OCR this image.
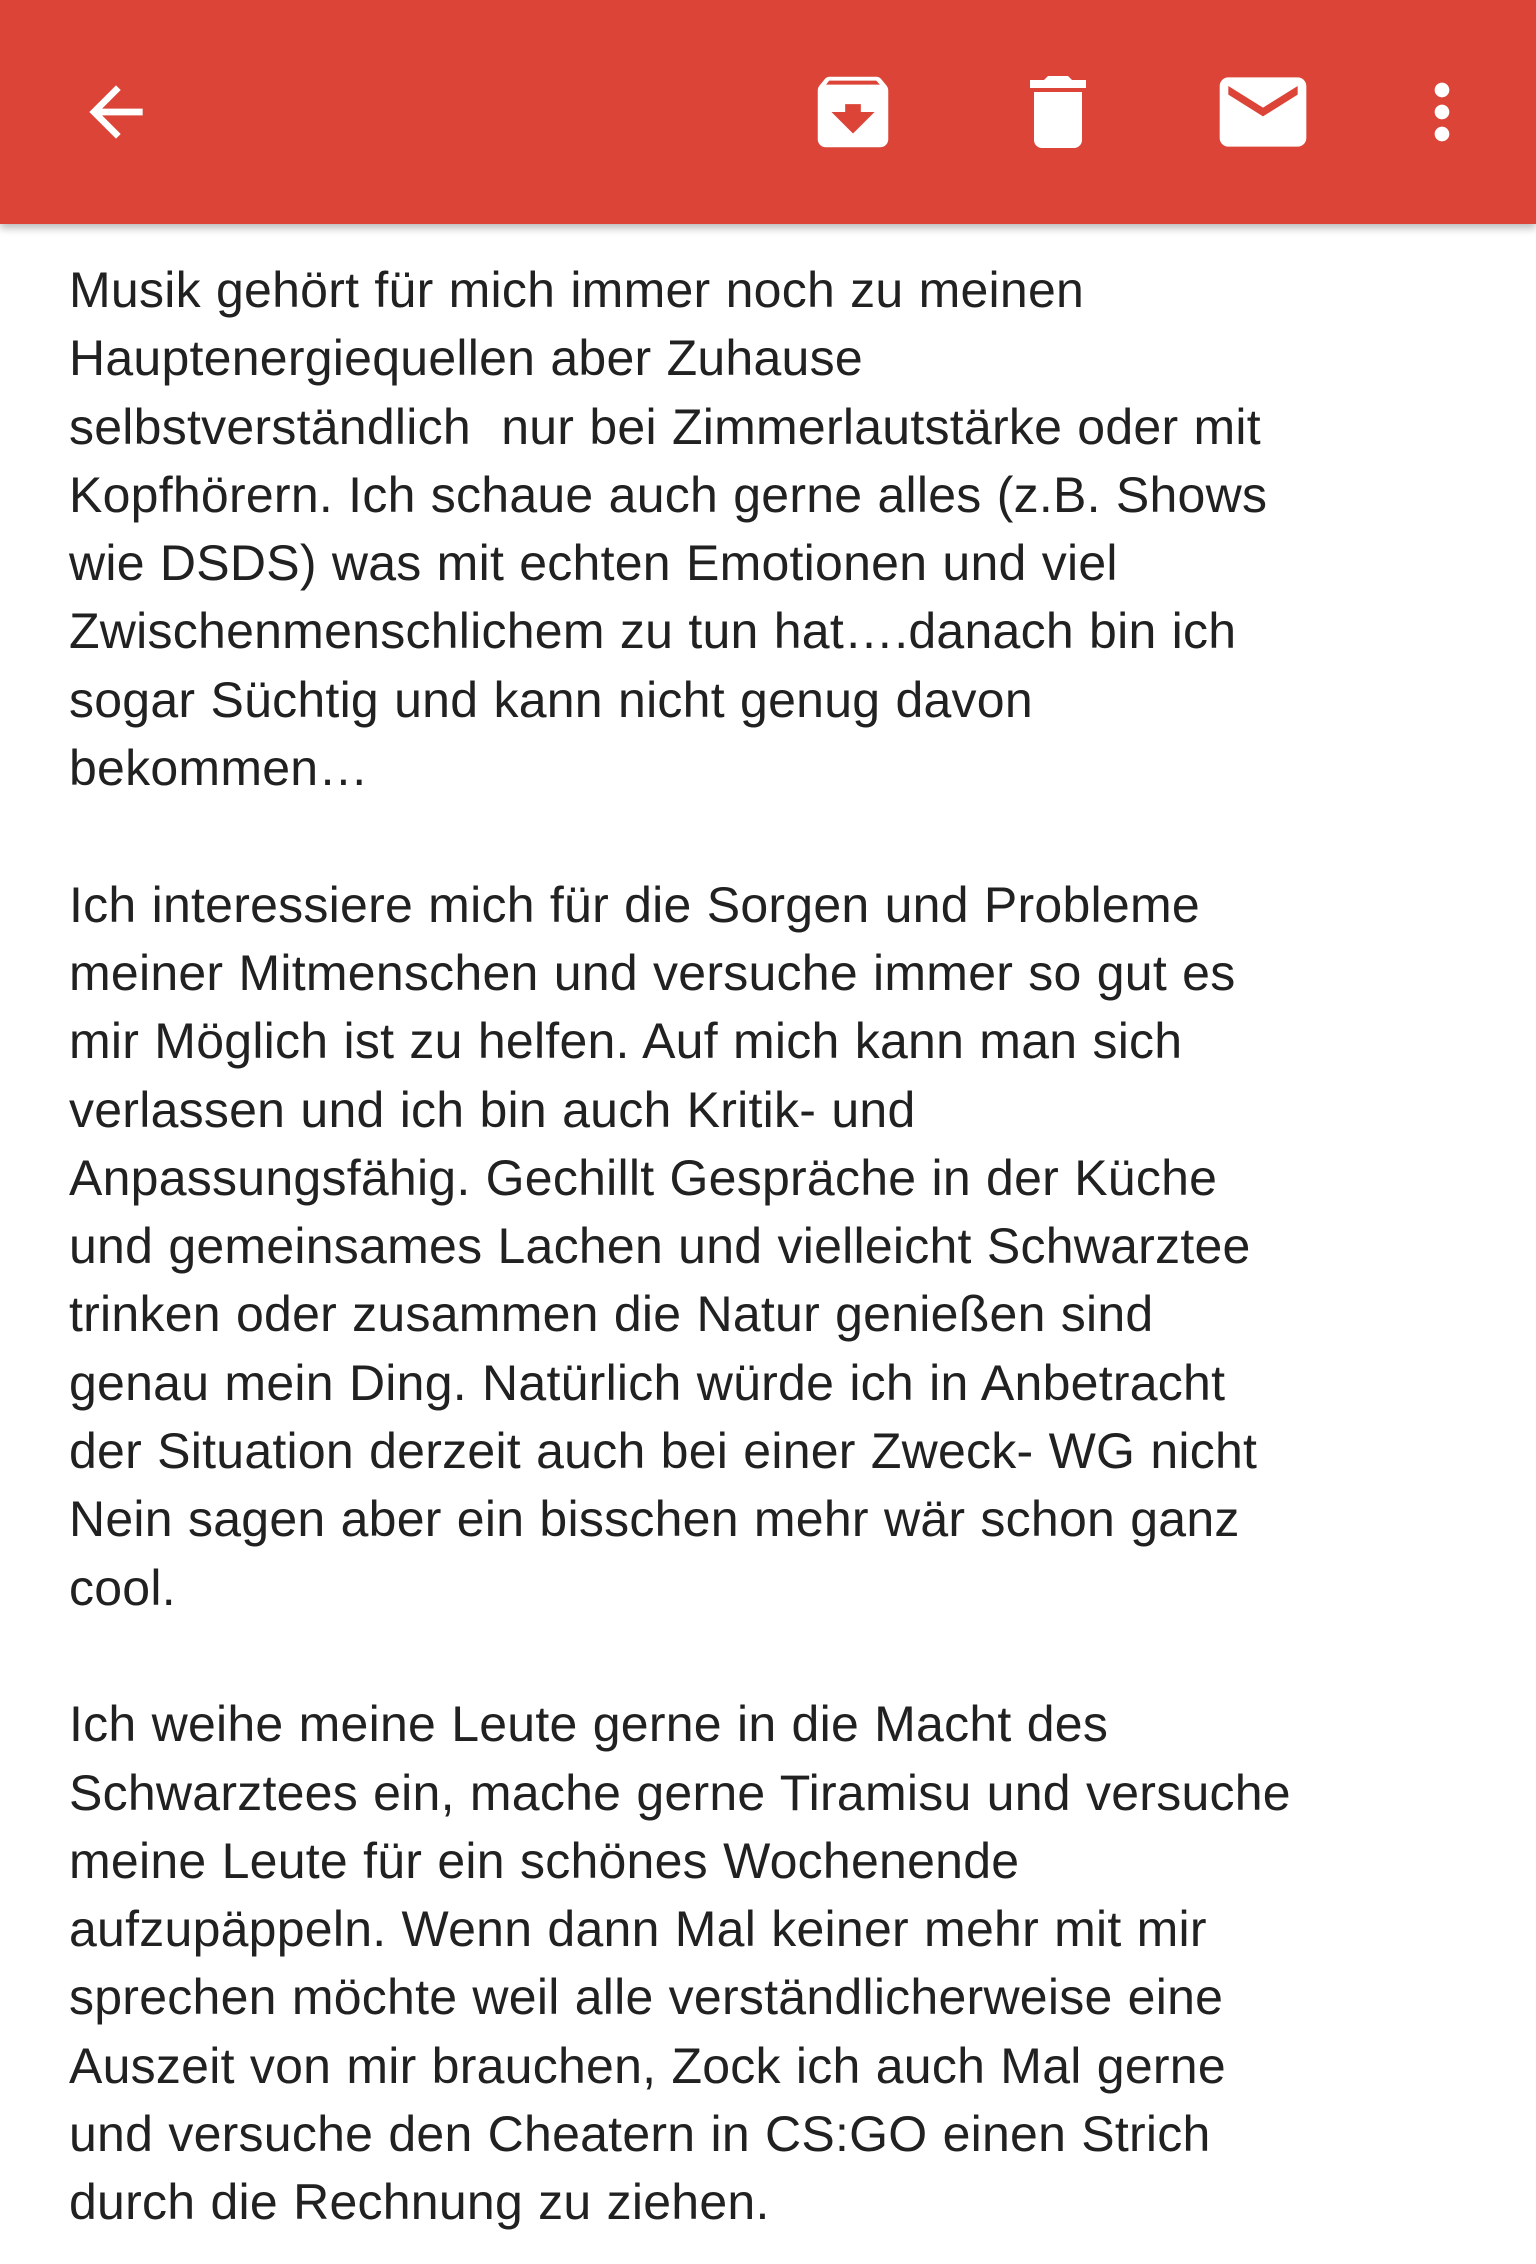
Musik gehört für mich immer noch zu meinen
Hauptenergiequellen aber Zuhause
selbstverständlich  nur bei Zimmerlautstärke oder mit
Kopfhörern. Ich schaue auch gerne alles (z.B. Shows
wie DSDS) was mit echten Emotionen und viel
Zwischenmenschlichem zu tun hat….danach bin ich
sogar Süchtig und kann nicht genug davon
bekommen…

Ich interessiere mich für die Sorgen und Probleme
meiner Mitmenschen und versuche immer so gut es
mir Möglich ist zu helfen. Auf mich kann man sich
verlassen und ich bin auch Kritik- und
Anpassungsfähig. Gechillt Gespräche in der Küche
und gemeinsames Lachen und vielleicht Schwarztee
trinken oder zusammen die Natur genießen sind
genau mein Ding. Natürlich würde ich in Anbetracht
der Situation derzeit auch bei einer Zweck- WG nicht
Nein sagen aber ein bisschen mehr wär schon ganz
cool.

Ich weihe meine Leute gerne in die Macht des
Schwarztees ein, mache gerne Tiramisu und versuche
meine Leute für ein schönes Wochenende
aufzupäppeln. Wenn dann Mal keiner mehr mit mir
sprechen möchte weil alle verständlicherweise eine
Auszeit von mir brauchen, Zock ich auch Mal gerne
und versuche den Cheatern in CS:GO einen Strich
durch die Rechnung zu ziehen.
